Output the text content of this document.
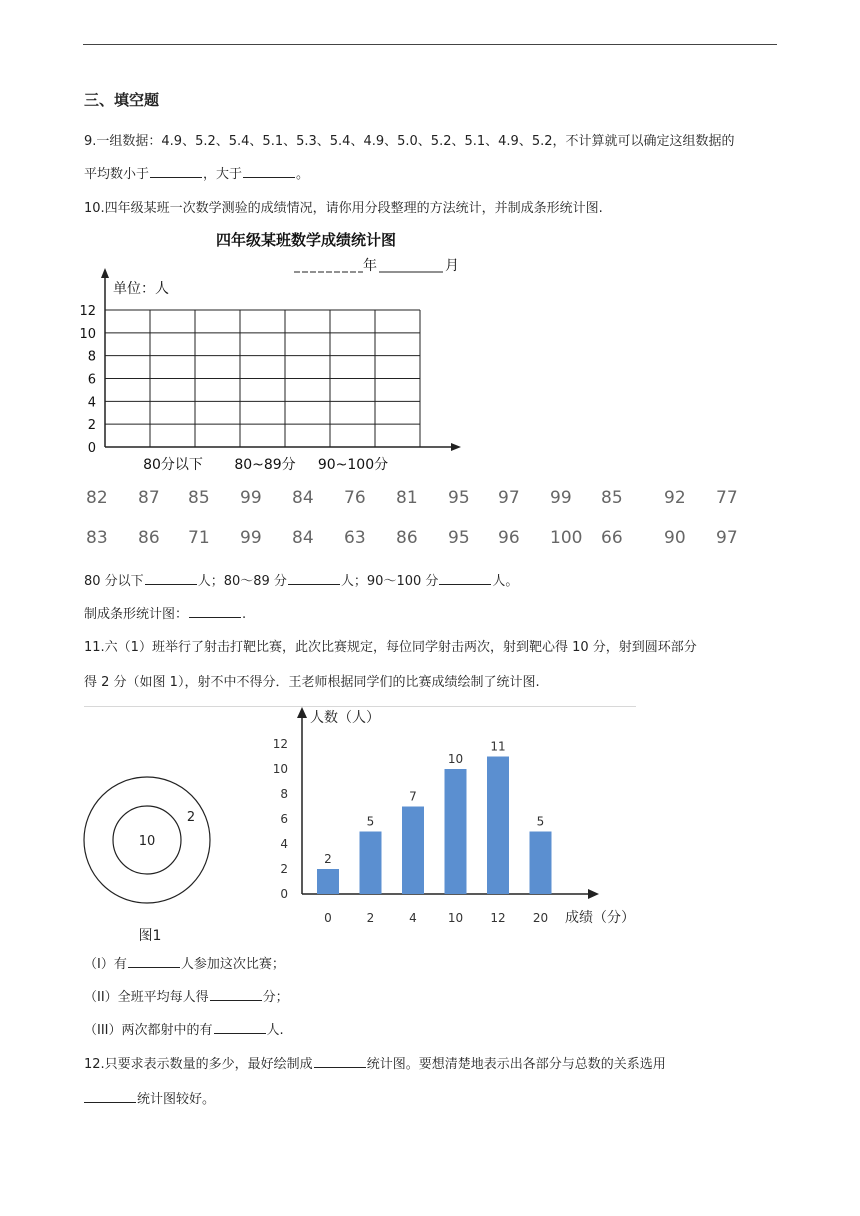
三、填空题
9.一组数据：4.9、5.2、5.4、5.1、5.3、5.4、4.9、5.0、5.2、5.1、4.9、5.2，不计算就可以确定这组数据的
平均数小于	，大于	。
10.四年级某班一次数学测验的成绩情况，请你用分段整理的方法统计，并制成条形统计图.
四年级某班数学成绩统计图
年	月
单位：人
12
10
8
6
4
2
0
80分以下 80~89分 90~100分
82 87 85 99 84 76 81 95 97 99 85 92 77
83 86 71 99 84 63 86 95 96 100 66 90 97
80 分以下	人；80～89 分	人；90～100 分	人。
制成条形统计图：	.
11.六（1）班举行了射击打靶比赛，此次比赛规定，每位同学射击两次，射到靶心得 10 分，射到圆环部分
得 2 分（如图 1），射不中不得分．王老师根据同学们的比赛成绩绘制了统计图.
10
2
图1
人数（人）
成绩（分）
0
2
4
6
8
10
12
2
0
5
2
7
4
10
10
11
12
5
20
（I）有	人参加这次比赛；
（II）全班平均每人得	分；
（III）两次都射中的有	人.
12.只要求表示数量的多少，最好绘制成	统计图。要想清楚地表示出各部分与总数的关系选用
统计图较好。
